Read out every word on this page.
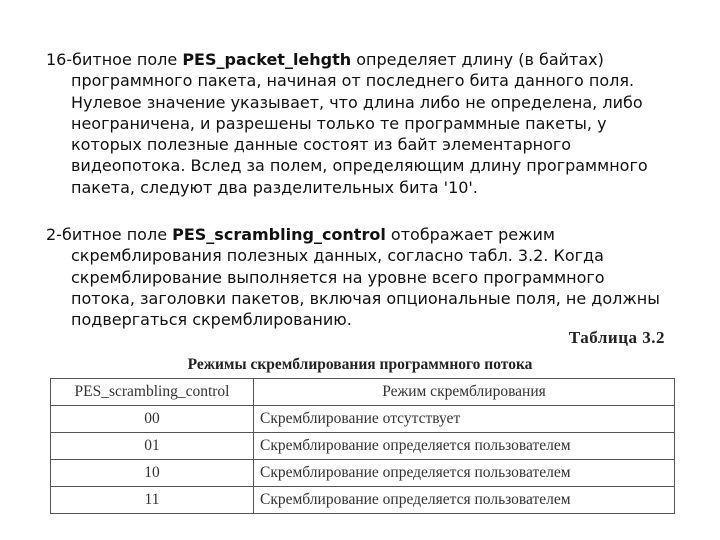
16-битное поле PES_packet_lehgth определяет длину (в байтах) программного пакета, начиная от последнего бита данного поля. Нулевое значение указывает, что длина либо не определена, либо неограничена, и разрешены только те программные пакеты, у которых полезные данные состоят из байт элементарного видеопотока. Вслед за полем, определяющим длину программного пакета, следуют два разделительных бита '10'.

2-битное поле PES_scrambling_control отображает режим скремблирования полезных данных, согласно табл. 3.2. Когда скремблирование выполняется на уровне всего программного потока, заголовки пакетов, включая опциональные поля, не должны подвергаться скремблированию.

Таблица 3.2
Режимы скремблирования программного потока
PES_scrambling_control	Режим скремблирования
00	Скремблирование отсутствует
01	Скремблирование определяется пользователем
10	Скремблирование определяется пользователем
11	Скремблирование определяется пользователем
